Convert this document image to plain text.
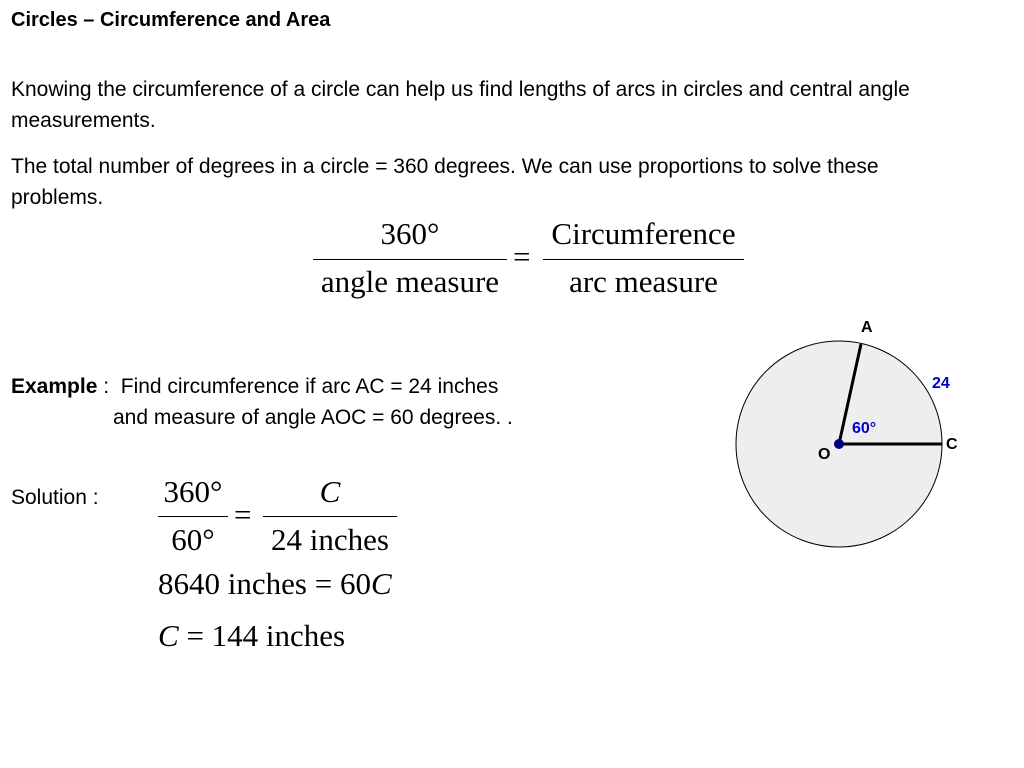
Circles – Circumference and Area
Knowing the circumference of a circle can help us find lengths of arcs in circles and central angle measurements.
The total number of degrees in a circle = 360 degrees. We can use proportions to solve these problems.
360°
angle measure
=
Circumference
arc measure
Example : Find circumference if arc AC = 24 inches
and measure of angle AOC = 60 degrees. .
Solution : 360°
60°
=
C
24 inches
8640 inches = 60C
C = 144 inches
A
24
60°
C
O
